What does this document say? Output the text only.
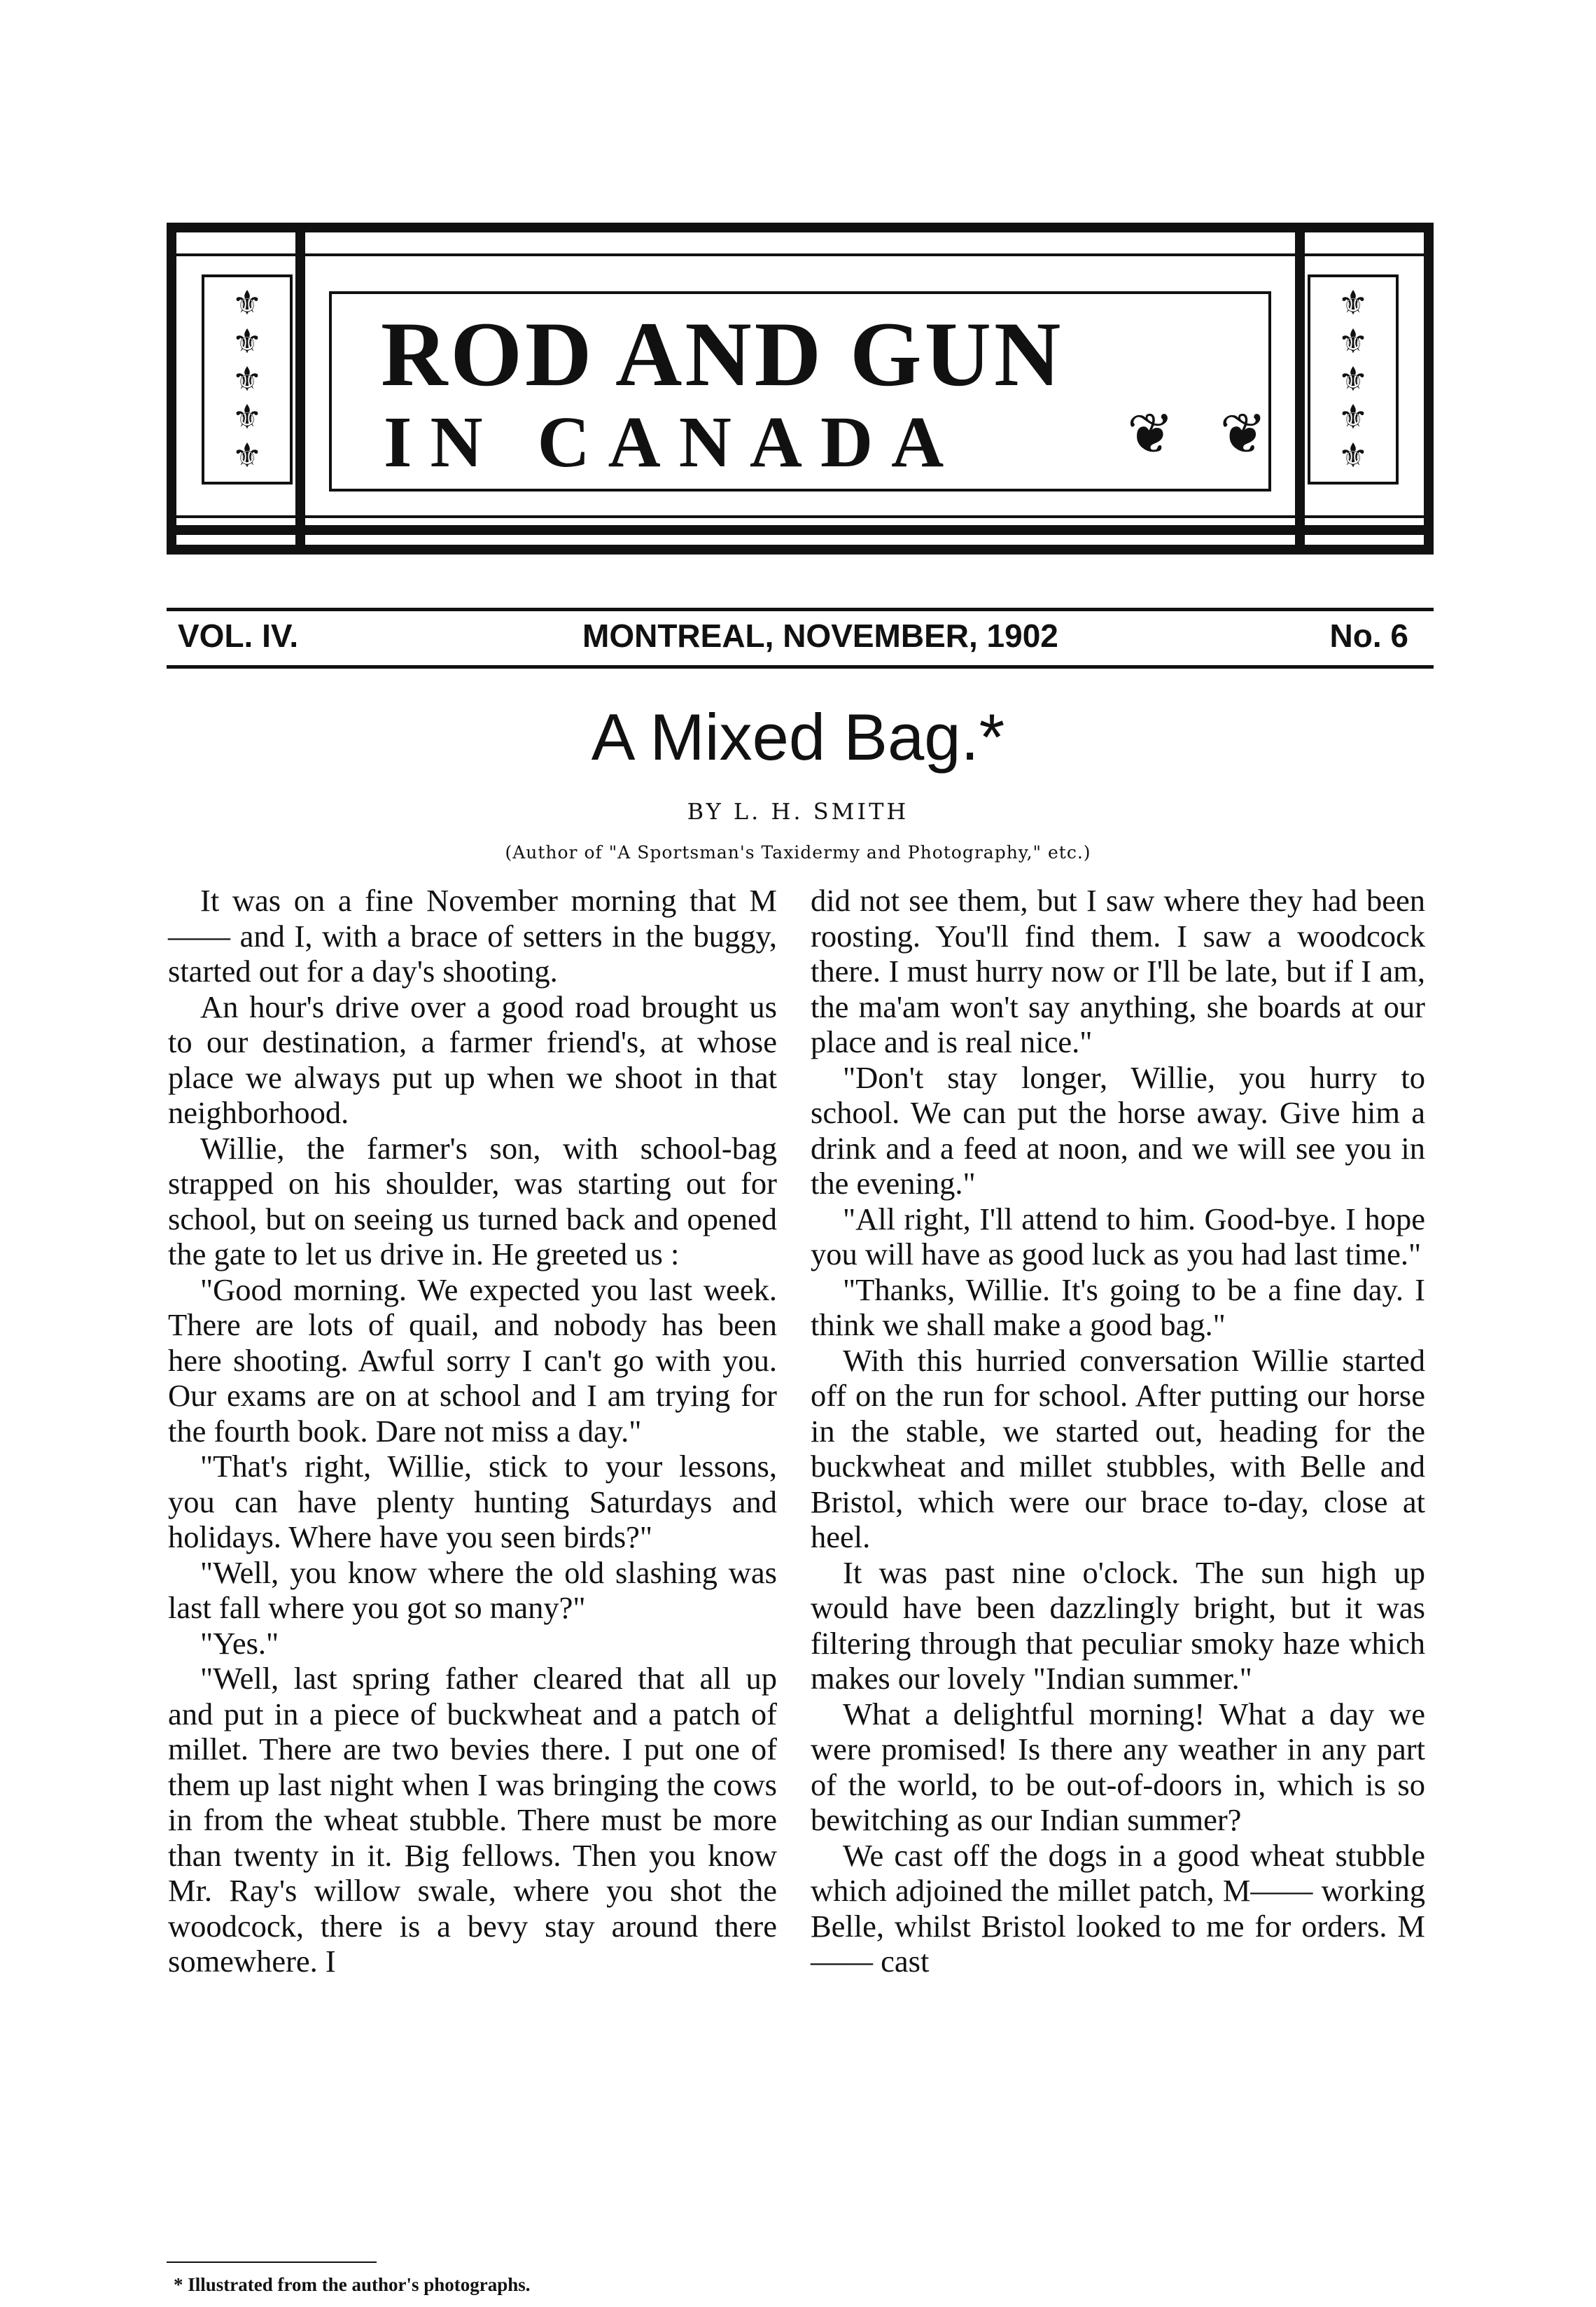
⚜
⚜
⚜
⚜
⚜
ROD AND GUN
IN CANADA	❦ ❦
⚜
⚜
⚜
⚜
⚜
VOL. IV.	MONTREAL, NOVEMBER, 1902	No. 6
A Mixed Bag.*
BY L. H. SMITH
(Author of "A Sportsman's Taxidermy and Photography," etc.)

It was on a fine November morning that M—— and I, with a brace of setters in the buggy, started out for a day's shooting.

An hour's drive over a good road brought us to our destination, a farmer friend's, at whose place we always put up when we shoot in that neighborhood.

Willie, the farmer's son, with school-bag strapped on his shoulder, was starting out for school, but on seeing us turned back and opened the gate to let us drive in. He greeted us :

"Good morning. We expected you last week. There are lots of quail, and nobody has been here shooting. Awful sorry I can't go with you. Our exams are on at school and I am trying for the fourth book. Dare not miss a day."

"That's right, Willie, stick to your lessons, you can have plenty hunting Saturdays and holidays. Where have you seen birds?"

"Well, you know where the old slashing was last fall where you got so many?"

"Yes."

"Well, last spring father cleared that all up and put in a piece of buckwheat and a patch of millet. There are two bevies there. I put one of them up last night when I was bringing the cows in from the wheat stubble. There must be more than twenty in it. Big fellows. Then you know Mr. Ray's willow swale, where you shot the woodcock, there is a bevy stay around there somewhere. I

did not see them, but I saw where they had been roosting. You'll find them. I saw a woodcock there. I must hurry now or I'll be late, but if I am, the ma'am won't say anything, she boards at our place and is real nice."

"Don't stay longer, Willie, you hurry to school. We can put the horse away. Give him a drink and a feed at noon, and we will see you in the evening."

"All right, I'll attend to him. Good-bye. I hope you will have as good luck as you had last time."

"Thanks, Willie. It's going to be a fine day. I think we shall make a good bag."

With this hurried conversation Willie started off on the run for school. After putting our horse in the stable, we started out, heading for the buckwheat and millet stubbles, with Belle and Bristol, which were our brace to-day, close at heel.

It was past nine o'clock. The sun high up would have been dazzlingly bright, but it was filtering through that peculiar smoky haze which makes our lovely "Indian summer."

What a delightful morning! What a day we were promised! Is there any weather in any part of the world, to be out-of-doors in, which is so bewitching as our Indian summer?

We cast off the dogs in a good wheat stubble which adjoined the millet patch, M—— working Belle, whilst Bristol looked to me for orders. M—— cast

* Illustrated from the author's photographs.
